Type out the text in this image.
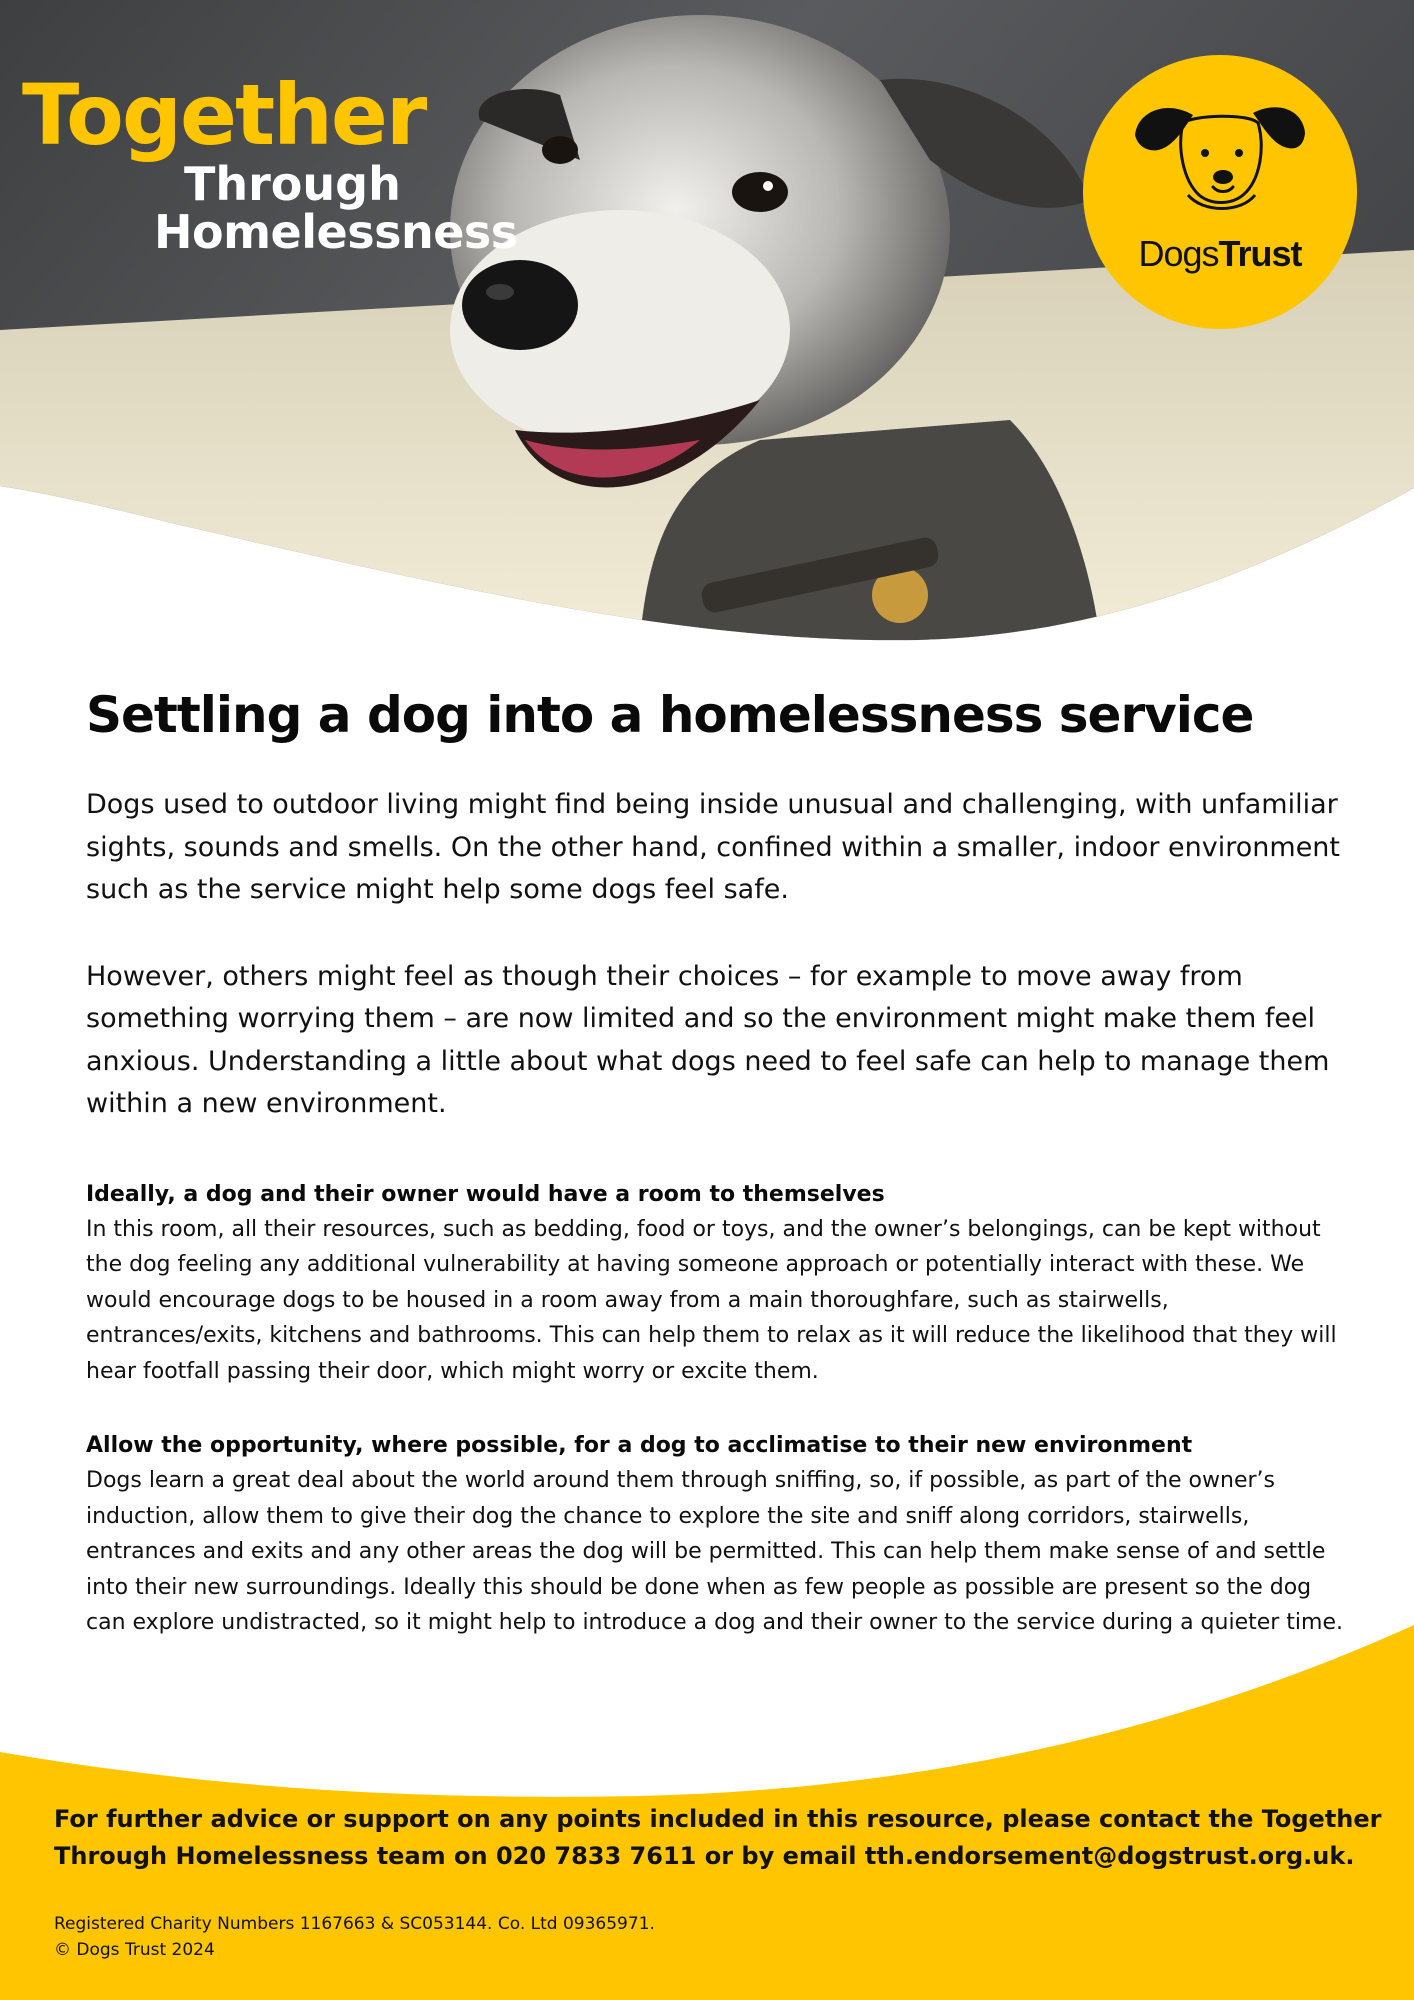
Together
Through
Homelessness	DogsTrust
Settling a dog into a homelessness service

Dogs used to outdoor living might find being inside unusual and challenging, with unfamiliar sights, sounds and smells. On the other hand, confined within a smaller, indoor environment such as the service might help some dogs feel safe.

However, others might feel as though their choices – for example to move away from something worrying them – are now limited and so the environment might make them feel anxious. Understanding a little about what dogs need to feel safe can help to manage them within a new environment.

Ideally, a dog and their owner would have a room to themselves

In this room, all their resources, such as bedding, food or toys, and the owner’s belongings, can be kept without the dog feeling any additional vulnerability at having someone approach or potentially interact with these. We would encourage dogs to be housed in a room away from a main thoroughfare, such as stairwells, entrances/exits, kitchens and bathrooms. This can help them to relax as it will reduce the likelihood that they will hear footfall passing their door, which might worry or excite them.

Allow the opportunity, where possible, for a dog to acclimatise to their new environment

Dogs learn a great deal about the world around them through sniffing, so, if possible, as part of the owner’s induction, allow them to give their dog the chance to explore the site and sniff along corridors, stairwells, entrances and exits and any other areas the dog will be permitted. This can help them make sense of and settle into their new surroundings. Ideally this should be done when as few people as possible are present so the dog can explore undistracted, so it might help to introduce a dog and their owner to the service during a quieter time.

For further advice or support on any points included in this resource, please contact the Together Through Homelessness team on 020 7833 7611 or by email tth.endorsement@dogstrust.org.uk.

Registered Charity Numbers 1167663 & SC053144. Co. Ltd 09365971.
© Dogs Trust 2024
